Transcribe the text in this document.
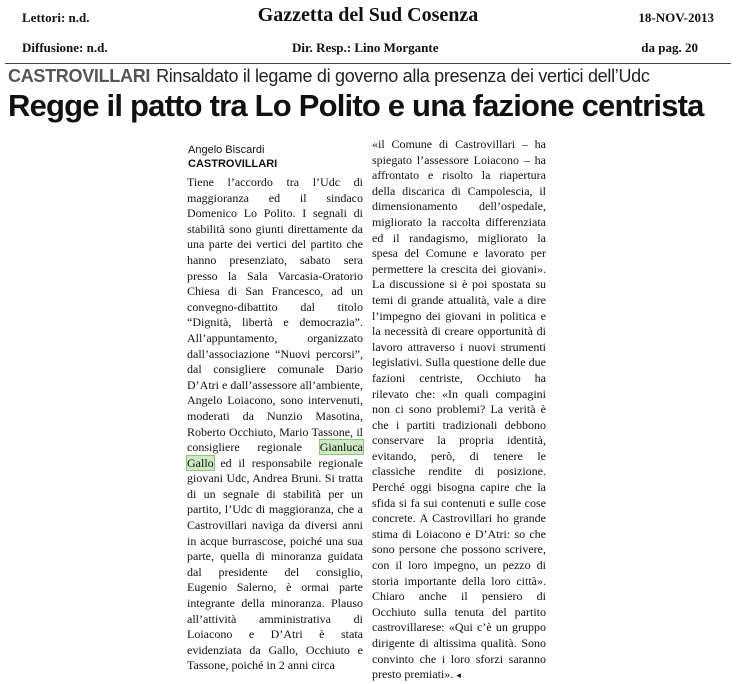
Lettori: n.d.
Diffusione: n.d.
Gazzetta del Sud Cosenza
Dir. Resp.: Lino Morgante
18-NOV-2013
da pag. 20
CASTROVILLARI Rinsaldato il legame di governo alla presenza dei vertici dell’Udc
Regge il patto tra Lo Polito e una fazione centrista
Angelo Biscardi
CASTROVILLARI
Tiene l’accordo tra l’Udc di maggioranza ed il sindaco Domenico Lo Polito. I segnali di stabilità sono giunti direttamente da una parte dei vertici del partito che hanno presenziato, sabato sera presso la Sala Varcasia-Oratorio Chiesa di San Francesco, ad un convegno-dibattito dal titolo “Dignità, libertà e democrazia”. All’appuntamento, organizzato dall’associazione “Nuovi percorsi”, dal consigliere comunale Dario D’Atri e dall’assessore all’ambiente, Angelo Loiacono, sono intervenuti, moderati da Nunzio Masotina, Roberto Occhiuto, Mario Tassone, il consigliere regionale Gianluca Gallo ed il responsabile regionale giovani Udc, Andrea Bruni. Si tratta di un segnale di stabilità per un partito, l’Udc di maggioranza, che a Castrovillari naviga da diversi anni in acque burrascose, poiché una sua parte, quella di minoranza guidata dal presidente del consiglio, Eugenio Salerno, è ormai parte integrante della minoranza. Plauso all’attività amministrativa di Loiacono e D’Atri è stata evidenziata da Gallo, Occhiuto e Tassone, poiché in 2 anni circa
«il Comune di Castrovillari – ha spiegato l’assessore Loiacono – ha affrontato e risolto la riapertura della discarica di Campolescia, il dimensionamento dell’ospedale, migliorato la raccolta differenziata ed il randagismo, migliorato la spesa del Comune e lavorato per permettere la crescita dei giovani». La discussione si è poi spostata su temi di grande attualità, vale a dire l’impegno dei giovani in politica e la necessità di creare opportunità di lavoro attraverso i nuovi strumenti legislativi. Sulla questione delle due fazioni centriste, Occhiuto ha rilevato che: «In quali compagini non ci sono problemi? La verità è che i partiti tradizionali debbono conservare la propria identità, evitando, però, di tenere le classiche rendite di posizione. Perché oggi bisogna capire che la sfida si fa sui contenuti e sulle cose concrete. A Castrovillari ho grande stima di Loiacono e D’Atri: so che sono persone che possono scrivere, con il loro impegno, un pezzo di storia importante della loro città». Chiaro anche il pensiero di Occhiuto sulla tenuta del partito castrovillarese: «Qui c’è un gruppo dirigente di altissima qualità. Sono convinto che i loro sforzi saranno presto premiati». ◂
